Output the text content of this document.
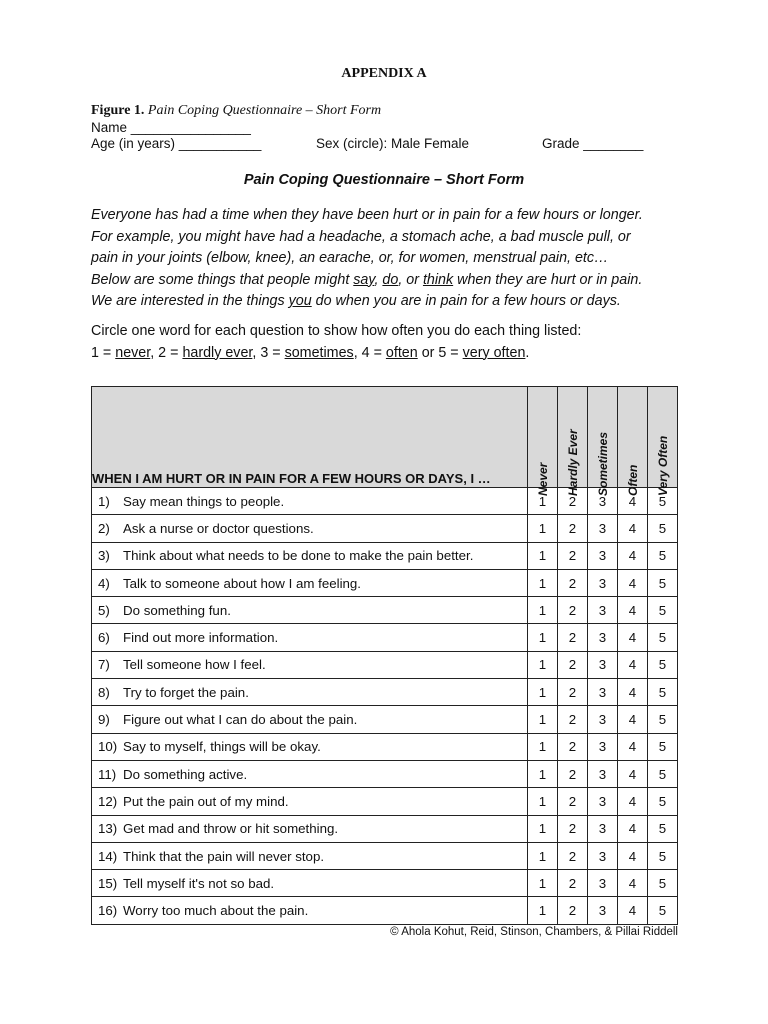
APPENDIX A
Figure 1. Pain Coping Questionnaire – Short Form
Name ________________
Age (in years) ___________	Sex (circle): Male Female	Grade ________
Pain Coping Questionnaire – Short Form
Everyone has had a time when they have been hurt or in pain for a few hours or longer.
For example, you might have had a headache, a stomach ache, a bad muscle pull, or
pain in your joints (elbow, knee), an earache, or, for women, menstrual pain, etc…
Below are some things that people might say, do, or think when they are hurt or in pain.
We are interested in the things you do when you are in pain for a few hours or days.
Circle one word for each question to show how often you do each thing listed:
1 = never, 2 = hardly ever, 3 = sometimes, 4 = often or 5 = very often.
WHEN I AM HURT OR IN PAIN FOR A FEW HOURS OR DAYS, I …	Never	Hardly Ever	Sometimes	Often	Very Often

1) Say mean things to people.	1	2	3	4	5
2) Ask a nurse or doctor questions.	1	2	3	4	5
3) Think about what needs to be done to make the pain better.	1	2	3	4	5
4) Talk to someone about how I am feeling.	1	2	3	4	5
5) Do something fun.	1	2	3	4	5
6) Find out more information.	1	2	3	4	5
7) Tell someone how I feel.	1	2	3	4	5
8) Try to forget the pain.	1	2	3	4	5
9) Figure out what I can do about the pain.	1	2	3	4	5
10) Say to myself, things will be okay.	1	2	3	4	5
11) Do something active.	1	2	3	4	5
12) Put the pain out of my mind.	1	2	3	4	5
13) Get mad and throw or hit something.	1	2	3	4	5
14) Think that the pain will never stop.	1	2	3	4	5
15) Tell myself it's not so bad.	1	2	3	4	5
16) Worry too much about the pain.	1	2	3	4	5
© Ahola Kohut, Reid, Stinson, Chambers, & Pillai Riddell
